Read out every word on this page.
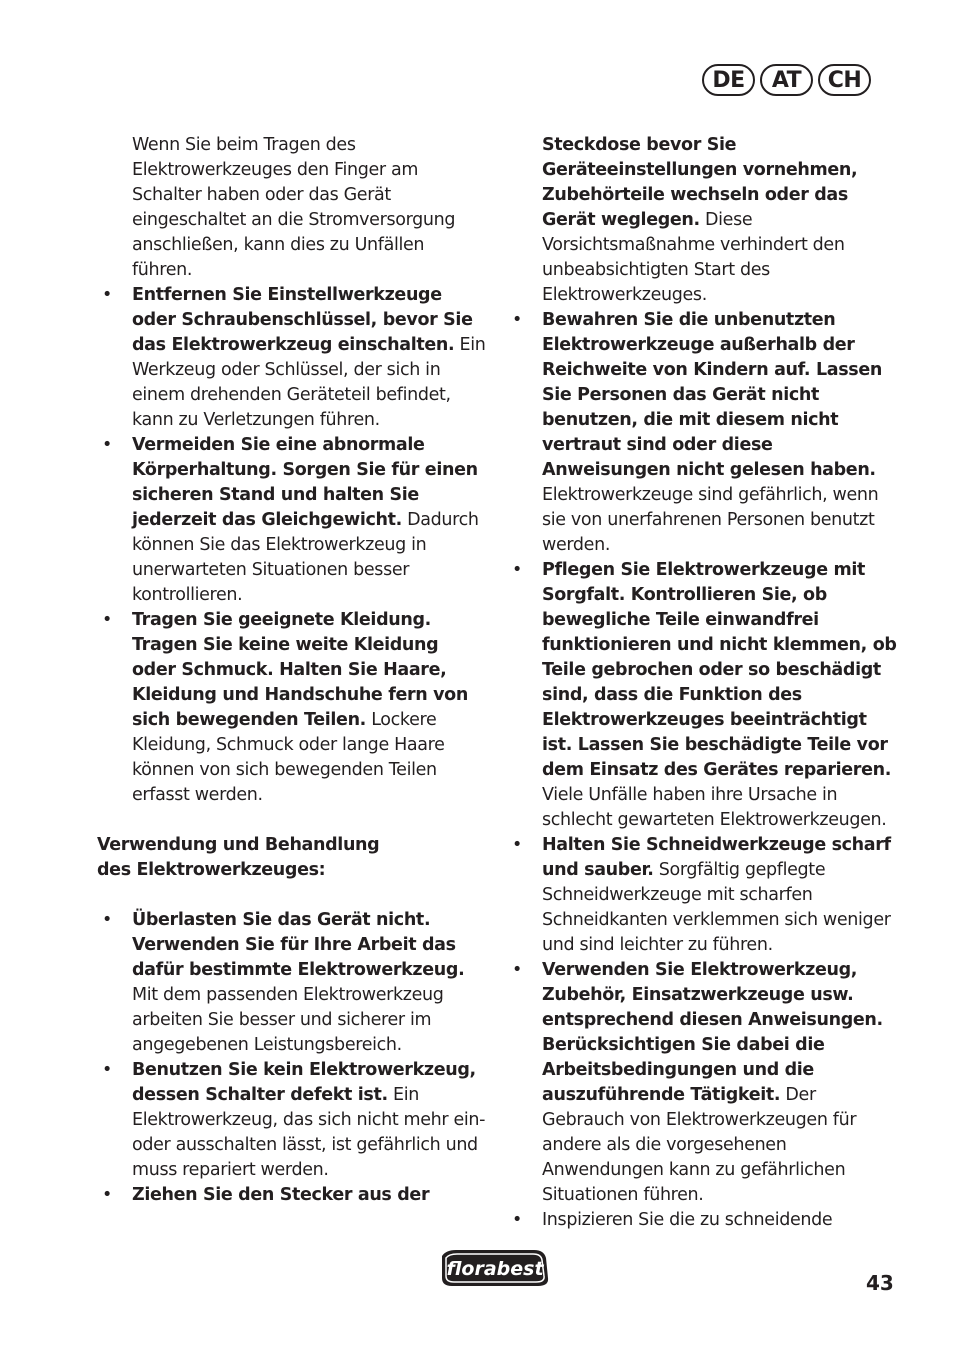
DE	AT	CH
Wenn Sie beim Tragen des Elektrowerkzeuges den Finger am Schalter haben oder das Gerät eingeschaltet an die Stromversorgung anschließen, kann dies zu Unfällen führen.
• Entfernen Sie Einstellwerkzeuge oder Schraubenschlüssel, bevor Sie das Elektrowerkzeug einschalten. Ein Werkzeug oder Schlüssel, der sich in einem drehenden Geräteteil befindet, kann zu Verletzungen führen.
• Vermeiden Sie eine abnormale Körperhaltung. Sorgen Sie für einen sicheren Stand und halten Sie jederzeit das Gleichgewicht. Dadurch können Sie das Elektrowerkzeug in unerwarteten Situationen besser kontrollieren.
• Tragen Sie geeignete Kleidung. Tragen Sie keine weite Kleidung oder Schmuck. Halten Sie Haare, Kleidung und Handschuhe fern von sich bewegenden Teilen. Lockere Kleidung, Schmuck oder lange Haare können von sich bewegenden Teilen erfasst werden.
Verwendung und Behandlung
des Elektrowerkzeuges:
• Überlasten Sie das Gerät nicht. Verwenden Sie für Ihre Arbeit das dafür bestimmte Elektrowerkzeug. Mit dem passenden Elektrowerkzeug arbeiten Sie besser und sicherer im angegebenen Leistungsbereich.
• Benutzen Sie kein Elektrowerkzeug, dessen Schalter defekt ist. Ein Elektrowerkzeug, das sich nicht mehr ein- oder ausschalten lässt, ist gefährlich und muss repariert werden.
• Ziehen Sie den Stecker aus der
Steckdose bevor Sie Geräteeinstellungen vornehmen, Zubehörteile wechseln oder das Gerät weglegen. Diese Vorsichtsmaßnahme verhindert den unbeabsichtigten Start des Elektrowerkzeuges.
• Bewahren Sie die unbenutzten Elektrowerkzeuge außerhalb der Reichweite von Kindern auf. Lassen Sie Personen das Gerät nicht benutzen, die mit diesem nicht vertraut sind oder diese Anweisungen nicht gelesen haben. Elektrowerkzeuge sind gefährlich, wenn sie von unerfahrenen Personen benutzt werden.
• Pflegen Sie Elektrowerkzeuge mit Sorgfalt. Kontrollieren Sie, ob bewegliche Teile einwandfrei funktionieren und nicht klemmen, ob Teile gebrochen oder so beschädigt sind, dass die Funktion des Elektrowerkzeuges beeinträchtigt ist. Lassen Sie beschädigte Teile vor dem Einsatz des Gerätes reparieren. Viele Unfälle haben ihre Ursache in schlecht gewarteten Elektrowerkzeugen.
• Halten Sie Schneidwerkzeuge scharf und sauber. Sorgfältig gepflegte Schneidwerkzeuge mit scharfen Schneidkanten verklemmen sich weniger und sind leichter zu führen.
• Verwenden Sie Elektrowerkzeug, Zubehör, Einsatzwerkzeuge usw. entsprechend diesen Anweisungen. Berücksichtigen Sie dabei die Arbeitsbedingungen und die auszuführende Tätigkeit. Der Gebrauch von Elektrowerkzeugen für andere als die vorgesehenen Anwendungen kann zu gefährlichen Situationen führen.
• Inspizieren Sie die zu schneidende
florabest
43
